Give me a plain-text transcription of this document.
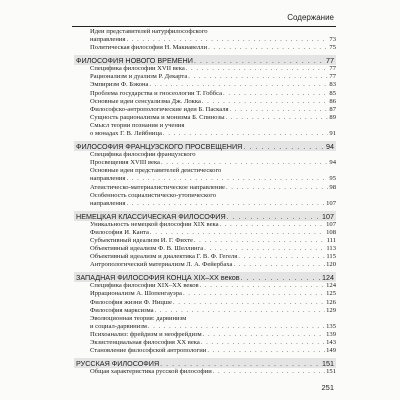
Содержание
Идеи представителей натурфилософского
направления . . .	73
Политическая философия Н. Макиавелли . . .	75
ФИЛОСОФИЯ НОВОГО ВРЕМЕНИ . . .	77
Специфика философии XVII века . . .	77
Рационализм и дуализм Р. Декарта . . .	77
Эмпиризм Ф. Бэкона . . .	83
Проблема государства и гносеологии Т. Гоббса . . .	85
Основные идеи сенсуализма Дж. Локка . . .	86
Философско-антропологические идеи Б. Паскаля . . .	87
Сущность рационализма и монизма Б. Спинозы . . .	89
Смысл теории познания и учения
о монадах Г. В. Лейбница . . .	91
ФИЛОСОФИЯ ФРАНЦУЗСКОГО ПРОСВЕЩЕНИЯ . . .	94
Специфика философии французского
Просвещения XVIII века . . .	94
Основные идеи представителей деистического
направления . . .	95
Атеистическо-материалистическое направление . . .	98
Особенность социалистическо-утопического
направления . . .	107
НЕМЕЦКАЯ КЛАССИЧЕСКАЯ ФИЛОСОФИЯ . . .	107
Уникальность немецкой философии XIX века . . .	107
Философия И. Канта . . .	108
Субъективный идеализм И. Г. Фихте . . .	111
Объективный идеализм Ф. В. Шеллинга . . .	113
Объективный идеализм и диалектика Г. В. Ф. Гегеля . . .	115
Антропологический материализм Л. А. Фейербаха . . .	120
ЗАПАДНАЯ ФИЛОСОФИЯ КОНЦА XIX–XX веков . . .	124
Специфика философии XIX–XX веков . . .	124
Иррационализм А. Шопенгауэра . . .	125
Философия жизни Ф. Ницше . . .	126
Философия марксизма . . .	129
Эволюционная теория: дарвинизм
и социал-дарвинизм . . .	135
Психоанализ: фрейдизм и неофрейдизм . . .	139
Экзистенциальная философия XX века . . .	143
Становление философской антропологии . . .	149
РУССКАЯ ФИЛОСОФИЯ . . .	151
Общая характеристика русской философии . . .	151
251
